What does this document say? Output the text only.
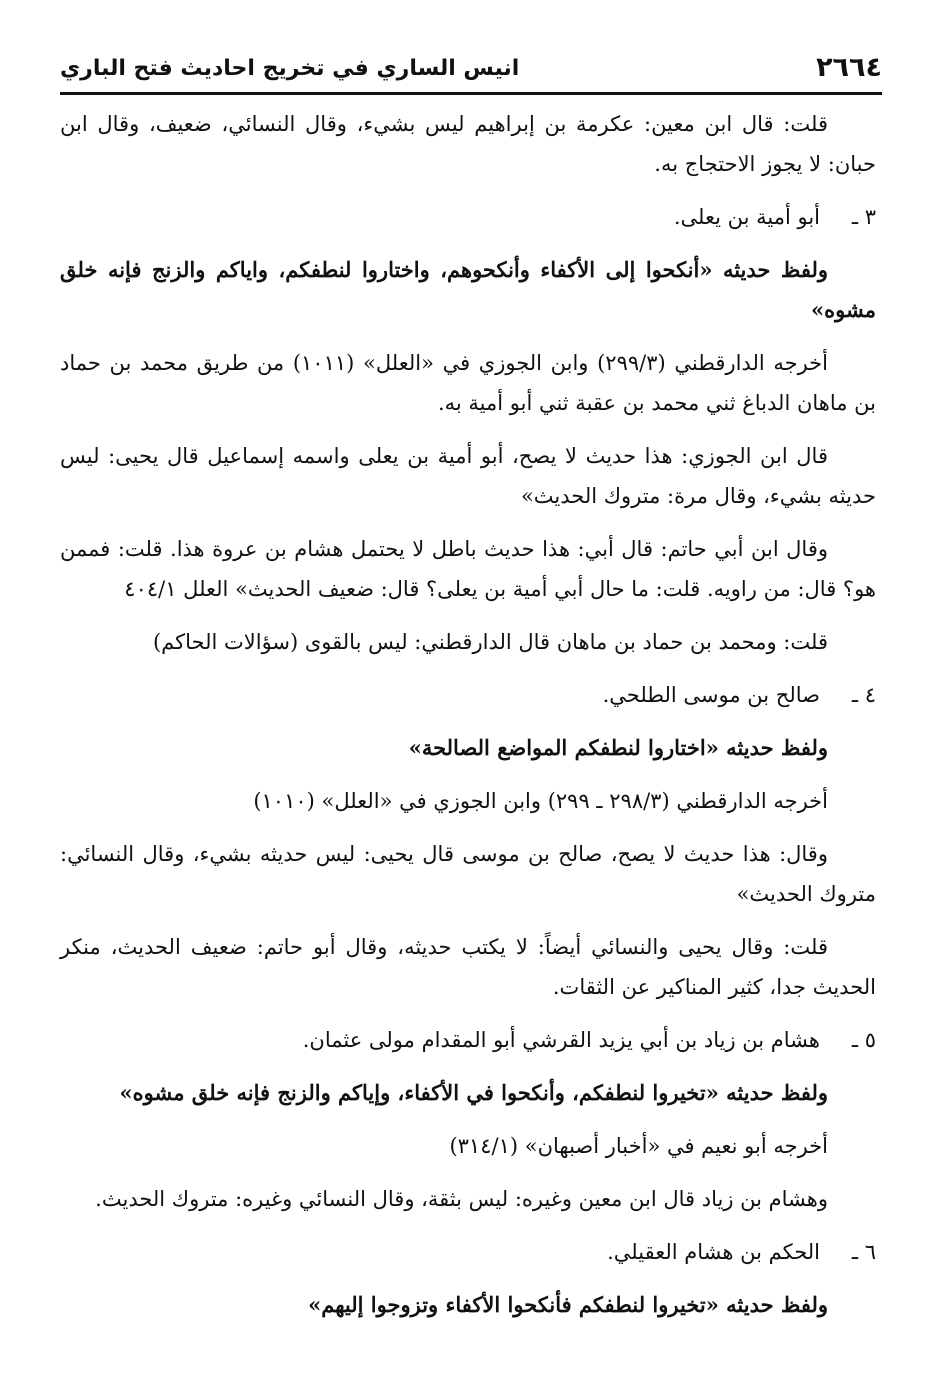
٢٦٦٤
انيس الساري في تخريج احاديث فتح الباري

قلت: قال ابن معين: عكرمة بن إبراهيم ليس بشيء، وقال النسائي، ضعيف، وقال ابن حبان: لا يجوز الاحتجاج به.

٣ ـأبو أمية بن يعلى.

ولفظ حديثه «أنكحوا إلى الأكفاء وأنكحوهم، واختاروا لنطفكم، واياكم والزنج فإنه خلق مشوه»

أخرجه الدارقطني (٢٩٩/٣) وابن الجوزي في «العلل» (١٠١١) من طريق محمد بن حماد بن ماهان الدباغ ثني محمد بن عقبة ثني أبو أمية به.

قال ابن الجوزي: هذا حديث لا يصح، أبو أمية بن يعلى واسمه إسماعيل قال يحيى: ليس حديثه بشيء، وقال مرة: متروك الحديث»

وقال ابن أبي حاتم: قال أبي: هذا حديث باطل لا يحتمل هشام بن عروة هذا. قلت: فممن هو؟ قال: من راويه. قلت: ما حال أبي أمية بن يعلى؟ قال: ضعيف الحديث» العلل ٤٠٤/١

قلت: ومحمد بن حماد بن ماهان قال الدارقطني: ليس بالقوى (سؤالات الحاكم)

٤ ـصالح بن موسى الطلحي.

ولفظ حديثه «اختاروا لنطفكم المواضع الصالحة»

أخرجه الدارقطني (٢٩٨/٣ ـ ٢٩٩) وابن الجوزي في «العلل» (١٠١٠)

وقال: هذا حديث لا يصح، صالح بن موسى قال يحيى: ليس حديثه بشيء، وقال النسائي: متروك الحديث»

قلت: وقال يحيى والنسائي أيضاً: لا يكتب حديثه، وقال أبو حاتم: ضعيف الحديث، منكر الحديث جدا، كثير المناكير عن الثقات.

٥ ـهشام بن زياد بن أبي يزيد القرشي أبو المقدام مولى عثمان.

ولفظ حديثه «تخيروا لنطفكم، وأنكحوا في الأكفاء، وإياكم والزنج فإنه خلق مشوه»

أخرجه أبو نعيم في «أخبار أصبهان» (٣١٤/١)

وهشام بن زياد قال ابن معين وغيره: ليس بثقة، وقال النسائي وغيره: متروك الحديث.

٦ ـالحكم بن هشام العقيلي.

ولفظ حديثه «تخيروا لنطفكم فأنكحوا الأكفاء وتزوجوا إليهم»
